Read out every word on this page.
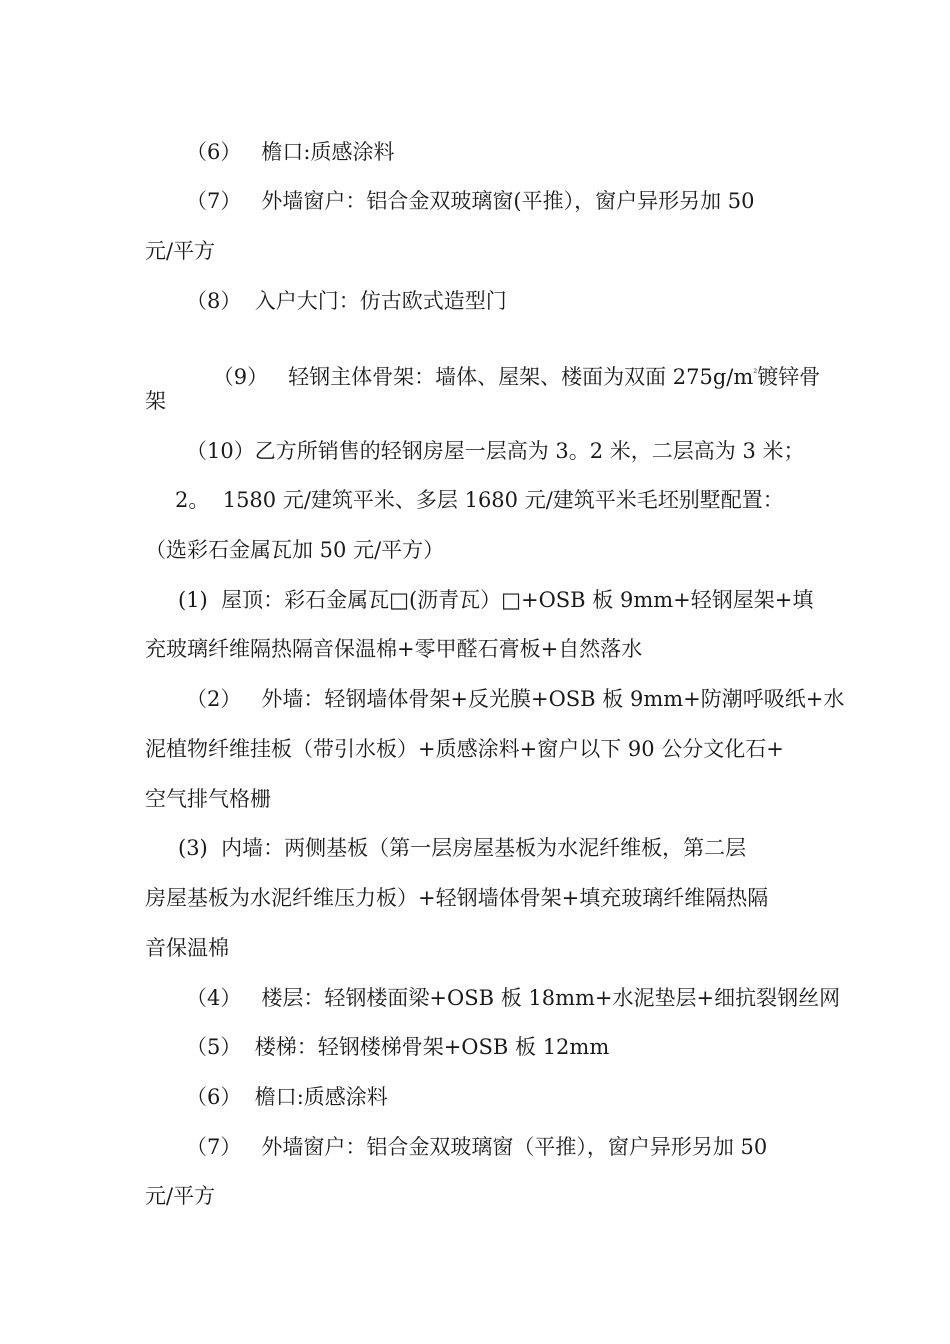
（6）   檐口:质感涂料
（7）   外墙窗户：铝合金双玻璃窗(平推），窗户异形另加 50
元/平方
（8）  入户大门：仿古欧式造型门

（9）   轻钢主体骨架：墙体、屋架、楼面为双面 $275g/m^{^2}$镀锌骨

架
（10）乙方所销售的轻钢房屋一层高为 3。2 米，二层高为 3 米；
2。  1580 元/建筑平米、多层 1680 元/建筑平米毛坯别墅配置：
（选彩石金属瓦加 50 元/平方）
(1)  屋顶：彩石金属瓦□(沥青瓦）□+OSB 板 9mm+轻钢屋架+填
充玻璃纤维隔热隔音保温棉+零甲醛石膏板+自然落水
（2）   外墙：轻钢墙体骨架+反光膜+OSB 板 9mm+防潮呼吸纸+水
泥植物纤维挂板（带引水板）+质感涂料+窗户以下 90 公分文化石+
空气排气格栅
(3)  内墙：两侧基板（第一层房屋基板为水泥纤维板，第二层
房屋基板为水泥纤维压力板）+轻钢墙体骨架+填充玻璃纤维隔热隔
音保温棉
（4）   楼层：轻钢楼面梁+OSB 板 18mm+水泥垫层+细抗裂钢丝网
（5）  楼梯：轻钢楼梯骨架+OSB 板 12mm
（6）  檐口:质感涂料
（7）   外墙窗户：铝合金双玻璃窗（平推），窗户异形另加 50
元/平方
